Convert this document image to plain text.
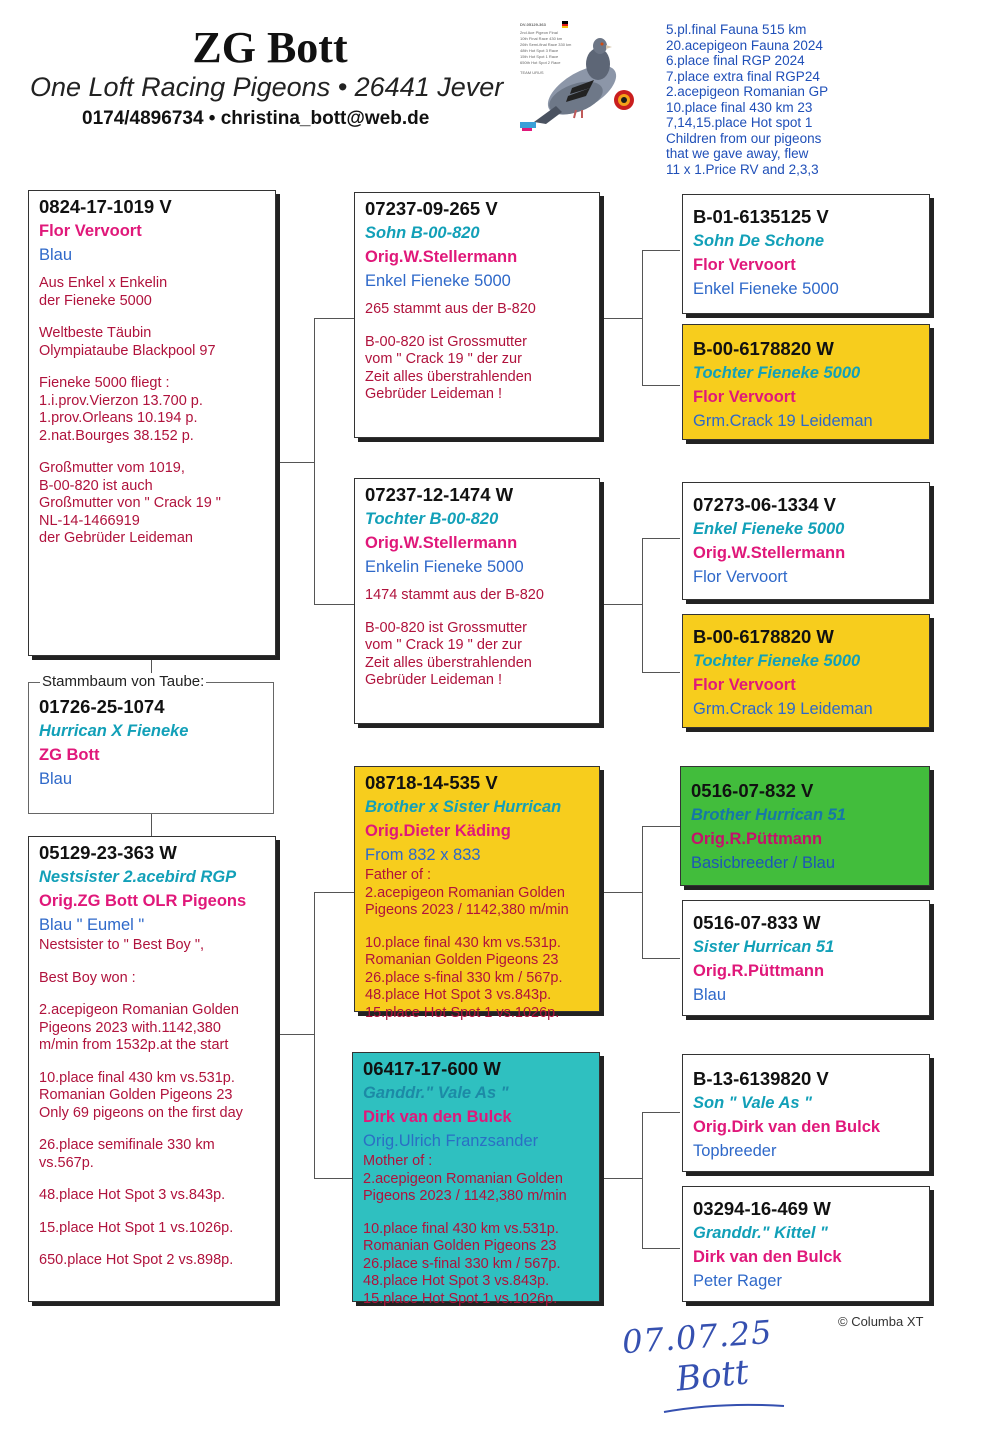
ZG Bott
One Loft Racing Pigeons • 26441 Jever
0174/4896734 • christina_bott@web.de
DV-05129-363
2nd Ace Pigeon Final
10th Final Race 430 km
26th Semi-final Race 330 km
48th Hot Spot 3 Race
15th Hot Spot 1 Race
650th Hot Spot 2 Race
TEAM URUS
5.pl.final Fauna 515 km
20.acepigeon Fauna 2024
6.place final RGP 2024
7.place extra final RGP24
2.acepigeon Romanian GP
10.place final 430 km 23
7,14,15.place Hot spot 1
Children from our pigeons
that we gave away, flew
11 x 1.Price RV and 2,3,3
0824-17-1019 V
Flor Vervoort
Blau
Aus Enkel x Enkelin
der Fieneke 5000
Weltbeste Täubin
Olympiataube Blackpool 97
Fieneke 5000 fliegt :
1.i.prov.Vierzon 13.700 p.
1.prov.Orleans 10.194 p.
2.nat.Bourges 38.152 p.
Großmutter vom 1019,
B-00-820 ist auch
Großmutter von " Crack 19 "
NL-14-1466919
der Gebrüder Leideman
01726-25-1074
Hurrican X Fieneke
ZG Bott
Blau
Stammbaum von Taube:
05129-23-363 W
Nestsister 2.acebird RGP
Orig.ZG Bott OLR Pigeons
Blau " Eumel "
Nestsister to " Best Boy ",
Best Boy won :
2.acepigeon Romanian Golden
Pigeons 2023 with.1142,380
m/min from 1532p.at the start
10.place final 430 km vs.531p.
Romanian Golden Pigeons 23
Only 69 pigeons on the first day
26.place semifinale 330 km
vs.567p.
48.place Hot Spot 3 vs.843p.
15.place Hot Spot 1 vs.1026p.
650.place Hot Spot 2 vs.898p.
07237-09-265 V
Sohn B-00-820
Orig.W.Stellermann
Enkel Fieneke 5000
265 stammt aus der B-820
B-00-820 ist Grossmutter
vom " Crack 19 " der zur
Zeit alles überstrahlenden
Gebrüder Leideman !
07237-12-1474 W
Tochter B-00-820
Orig.W.Stellermann
Enkelin Fieneke 5000
1474 stammt aus der B-820
B-00-820 ist Grossmutter
vom " Crack 19 " der zur
Zeit alles überstrahlenden
Gebrüder Leideman !
08718-14-535 V
Brother x Sister Hurrican
Orig.Dieter Käding
From 832 x 833
Father of :
2.acepigeon Romanian Golden
Pigeons 2023 / 1142,380 m/min
10.place final 430 km vs.531p.
Romanian Golden Pigeons 23
26.place s-final 330 km / 567p.
48.place Hot Spot 3 vs.843p.
15.place Hot Spot 1 vs.1026p.
06417-17-600 W
Ganddr." Vale As "
Dirk van den Bulck
Orig.Ulrich Franzsander
Mother of :
2.acepigeon Romanian Golden
Pigeons 2023 / 1142,380 m/min
10.place final 430 km vs.531p.
Romanian Golden Pigeons 23
26.place s-final 330 km / 567p.
48.place Hot Spot 3 vs.843p.
15.place Hot Spot 1 vs.1026p.
B-01-6135125 V
Sohn De Schone
Flor Vervoort
Enkel Fieneke 5000
B-00-6178820 W
Tochter Fieneke 5000
Flor Vervoort
Grm.Crack 19 Leideman
07273-06-1334 V
Enkel Fieneke 5000
Orig.W.Stellermann
Flor Vervoort
B-00-6178820 W
Tochter Fieneke 5000
Flor Vervoort
Grm.Crack 19 Leideman
0516-07-832 V
Brother Hurrican 51
Orig.R.Püttmann
Basicbreeder / Blau
0516-07-833 W
Sister Hurrican 51
Orig.R.Püttmann
Blau
B-13-6139820 V
Son " Vale As "
Orig.Dirk van den Bulck
Topbreeder
03294-16-469 W
Granddr." Kittel "
Dirk van den Bulck
Peter Rager
© Columba XT
07.07.25
Bott
